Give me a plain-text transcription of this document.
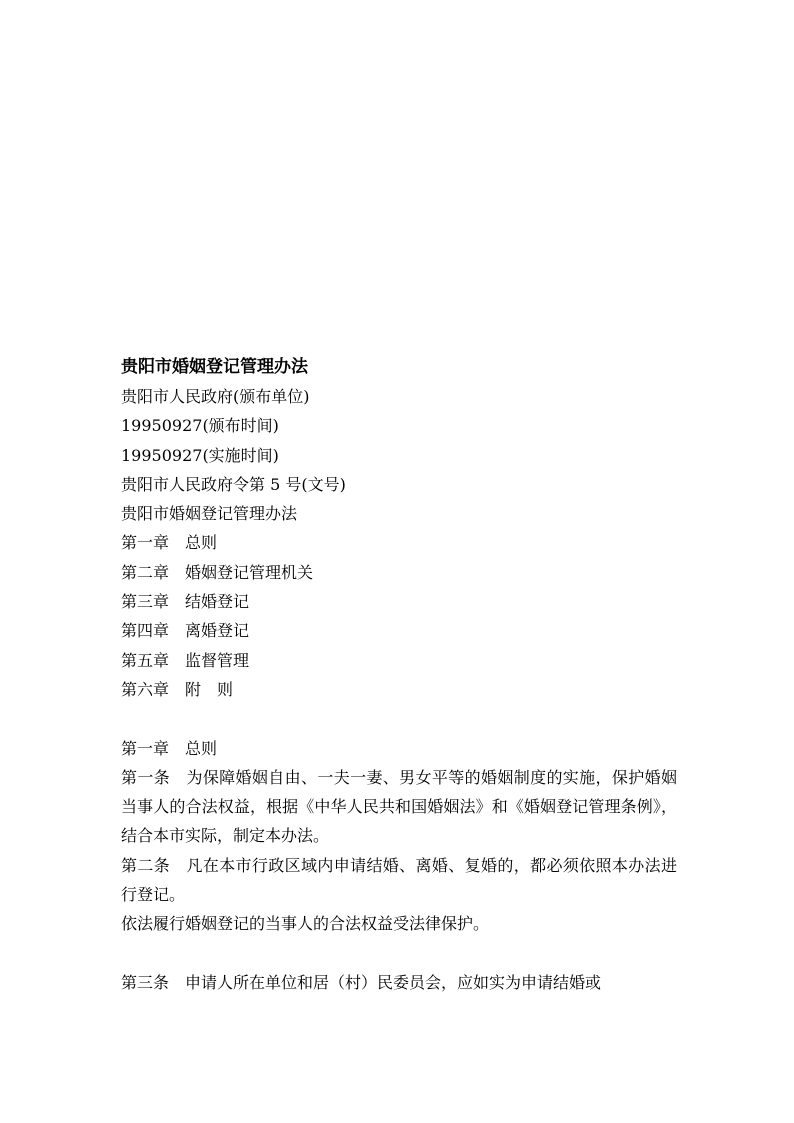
贵阳市婚姻登记管理办法

贵阳市人民政府(颁布单位)

19950927(颁布时间)

19950927(实施时间)

贵阳市人民政府令第 5 号(文号)

贵阳市婚姻登记管理办法

第一章　总则

第二章　婚姻登记管理机关

第三章　结婚登记

第四章　离婚登记

第五章　监督管理

第六章　附　则

第一章　总则

第一条　为保障婚姻自由、一夫一妻、男女平等的婚姻制度的实施，保护婚姻当事人的合法权益，根据《中华人民共和国婚姻法》和《婚姻登记管理条例》，结合本市实际，制定本办法。

第二条　凡在本市行政区域内申请结婚、离婚、复婚的，都必须依照本办法进行登记。

依法履行婚姻登记的当事人的合法权益受法律保护。

第三条　申请人所在单位和居（村）民委员会，应如实为申请结婚或
